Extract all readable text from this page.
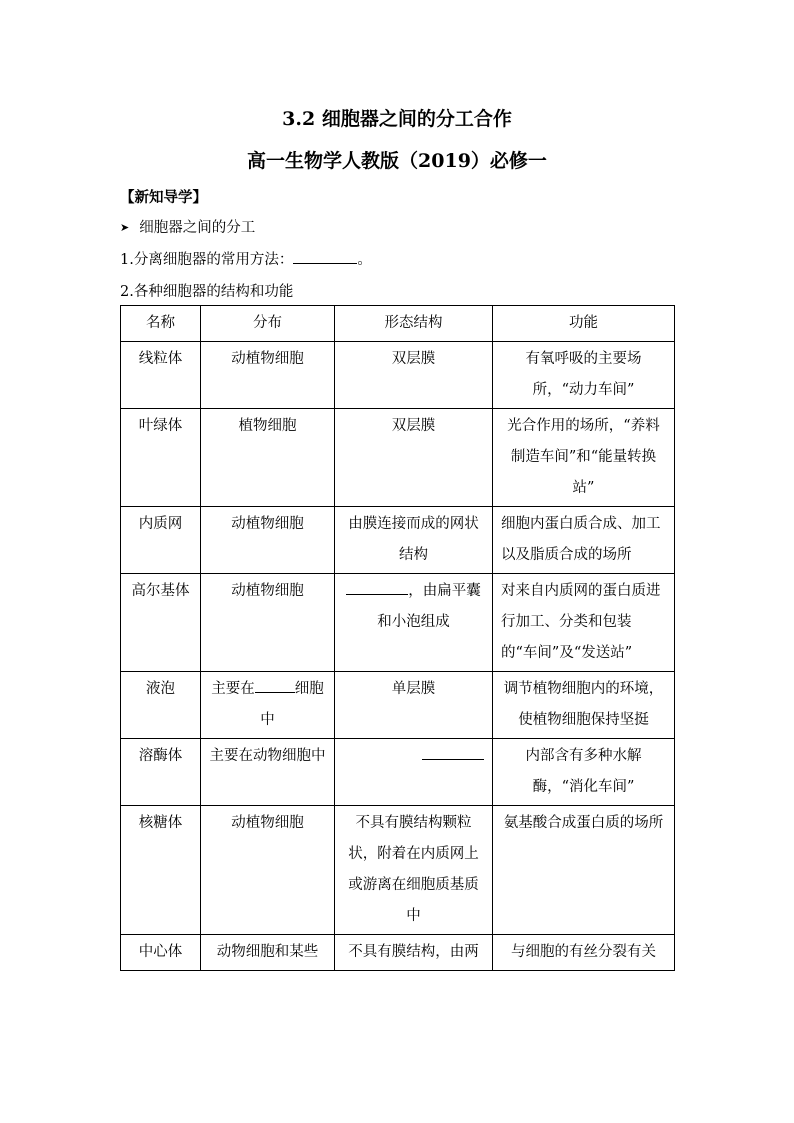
3.2 细胞器之间的分工合作
高一生物学人教版（2019）必修一
【新知导学】
➤ 细胞器之间的分工
1.分离细胞器的常用方法：	。
2.各种细胞器的结构和功能
名称	分布	形态结构	功能
线粒体	动植物细胞	双层膜	有氧呼吸的主要场所，“动力车间”
叶绿体	植物细胞	双层膜	光合作用的场所，“养料制造车间”和“能量转换站”
内质网	动植物细胞	由膜连接而成的网状结构	细胞内蛋白质合成、加工以及脂质合成的场所
高尔基体	动植物细胞	，由扁平囊和小泡组成	对来自内质网的蛋白质进行加工、分类和包装的“车间”及“发送站”
液泡	主要在 细胞中	单层膜	调节植物细胞内的环境，使植物细胞保持坚挺
溶酶体	主要在动物细胞中		内部含有多种水解酶，“消化车间”
核糖体	动植物细胞	不具有膜结构颗粒状，附着在内质网上或游离在细胞质基质中	氨基酸合成蛋白质的场所
中心体	动物细胞和某些	不具有膜结构，由两	与细胞的有丝分裂有关
